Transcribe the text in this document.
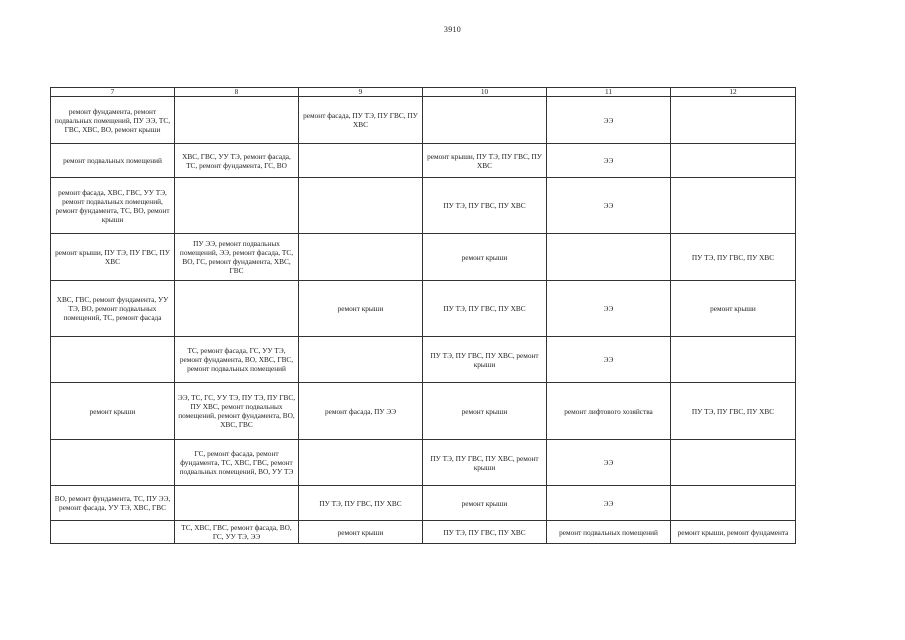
3910
7	8	9	10	11	12
ремонт фундамента, ремонт подвальных помещений, ПУ ЭЭ, ТС, ГВС, ХВС, ВО, ремонт крыши		ремонт фасада, ПУ ТЭ, ПУ ГВС, ПУ ХВС		ЭЭ	
ремонт подвальных помещений	ХВС, ГВС, УУ ТЭ, ремонт фасада, ТС, ремонт фундамента, ГС, ВО		ремонт крыши, ПУ ТЭ, ПУ ГВС, ПУ ХВС	ЭЭ	
ремонт фасада, ХВС, ГВС, УУ ТЭ, ремонт подвальных помещений, ремонт фундамента, ТС, ВО, ремонт крыши			ПУ ТЭ, ПУ ГВС, ПУ ХВС	ЭЭ	
ремонт крыши, ПУ ТЭ, ПУ ГВС, ПУ ХВС	ПУ ЭЭ, ремонт подвальных помещений, ЭЭ, ремонт фасада, ТС, ВО, ГС, ремонт фундамента, ХВС, ГВС		ремонт крыши		ПУ ТЭ, ПУ ГВС, ПУ ХВС
ХВС, ГВС, ремонт фундамента, УУ ТЭ, ВО, ремонт подвальных помещений, ТС, ремонт фасада		ремонт крыши	ПУ ТЭ, ПУ ГВС, ПУ ХВС	ЭЭ	ремонт крыши
	ТС, ремонт фасада, ГС, УУ ТЭ, ремонт фундамента, ВО, ХВС, ГВС, ремонт подвальных помещений		ПУ ТЭ, ПУ ГВС, ПУ ХВС, ремонт крыши	ЭЭ	
ремонт крыши	ЭЭ, ТС, ГС, УУ ТЭ, ПУ ТЭ, ПУ ГВС, ПУ ХВС, ремонт подвальных помещений, ремонт фундамента, ВО, ХВС, ГВС	ремонт фасада, ПУ ЭЭ	ремонт крыши	ремонт лифтового хозяйства	ПУ ТЭ, ПУ ГВС, ПУ ХВС
	ГС, ремонт фасада, ремонт фундамента, ТС, ХВС, ГВС, ремонт подвальных помещений, ВО, УУ ТЭ		ПУ ТЭ, ПУ ГВС, ПУ ХВС, ремонт крыши	ЭЭ	
ВО, ремонт фундамента, ТС, ПУ ЭЭ, ремонт фасада, УУ ТЭ, ХВС, ГВС		ПУ ТЭ, ПУ ГВС, ПУ ХВС	ремонт крыши	ЭЭ	
	ТС, ХВС, ГВС, ремонт фасада, ВО, ГС, УУ ТЭ, ЭЭ	ремонт крыши	ПУ ТЭ, ПУ ГВС, ПУ ХВС	ремонт подвальных помещений	ремонт крыши, ремонт фундамента
